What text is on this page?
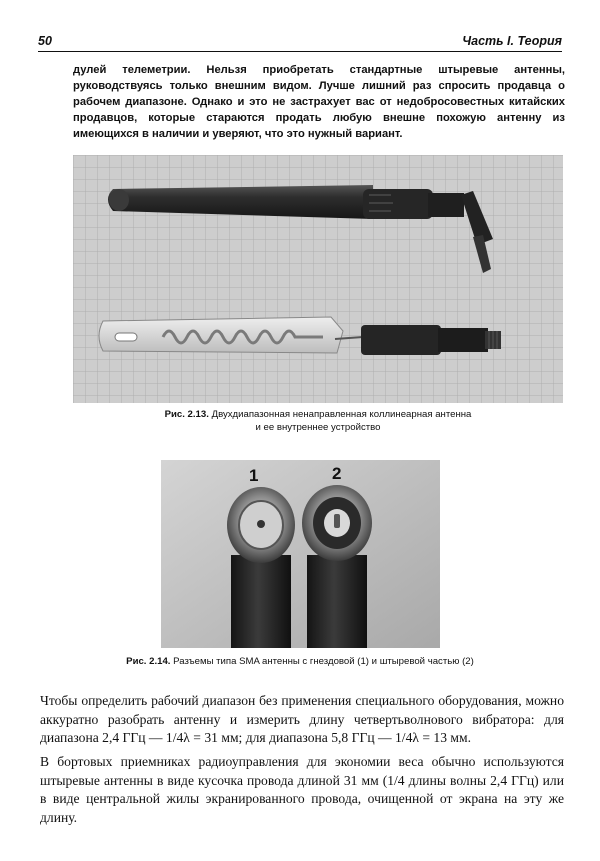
50	Часть I. Теория

дулей телеметрии. Нельзя приобретать стандартные штыревые антенны, руководствуясь только внешним видом. Лучше лишний раз спросить продавца о рабочем диапазоне. Однако и это не застрахует вас от недобросовестных китайских продавцов, которые стараются продать любую внешне похожую антенну из имеющихся в наличии и уверяют, что это нужный вариант.

Рис. 2.13. Двухдиапазонная ненаправленная коллинеарная антенна
и ее внутреннее устройство
1	2
Рис. 2.14. Разъемы типа SMA антенны с гнездовой (1) и штыревой частью (2)

Чтобы определить рабочий диапазон без применения специального оборудования, можно аккуратно разобрать антенну и измерить длину четвертьволнового вибратора: для диапазона 2,4 ГГц — 1/4λ = 31 мм; для диапазона 5,8 ГГц — 1/4λ = 13 мм.

В бортовых приемниках радиоуправления для экономии веса обычно используются штыревые антенны в виде кусочка провода длиной 31 мм (1/4 длины волны 2,4 ГГц) или в виде центральной жилы экранированного провода, очищенной от экрана на эту же длину.
